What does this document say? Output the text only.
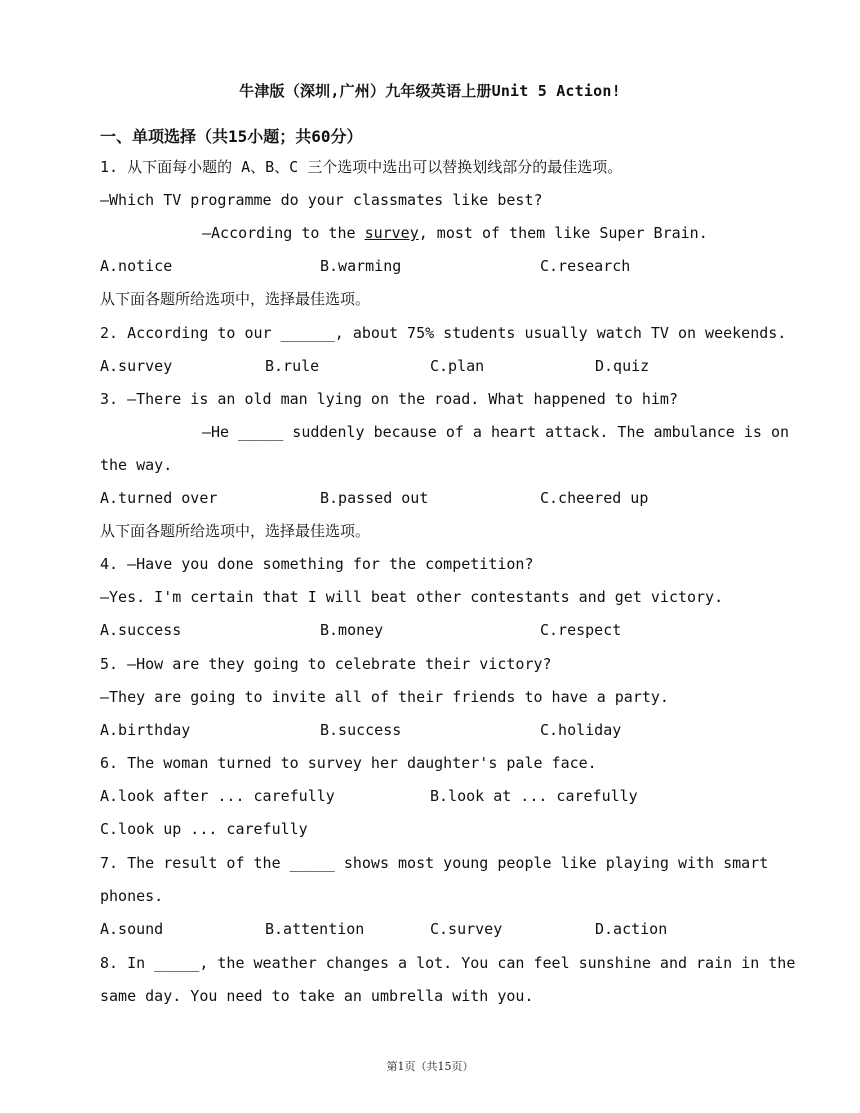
牛津版（深圳,广州）九年级英语上册Unit 5 Action!
一、单项选择（共15小题；共60分）
1. 从下面每小题的 A、B、C 三个选项中选出可以替换划线部分的最佳选项。
—Which TV programme do your classmates like best?
—According to the survey, most of them like Super Brain.
A.notice	B.warming	C.research
从下面各题所给选项中，选择最佳选项。
2. According to our ______, about 75% students usually watch TV on weekends.
A.survey	B.rule	C.plan	D.quiz
3. —There is an old man lying on the road. What happened to him?
—He _____ suddenly because of a heart attack. The ambulance is on
the way.
A.turned over	B.passed out	C.cheered up
从下面各题所给选项中，选择最佳选项。
4. —Have you done something for the competition?
—Yes. I'm certain that I will beat other contestants and get victory.
A.success	B.money	C.respect
5. —How are they going to celebrate their victory?
—They are going to invite all of their friends to have a party.
A.birthday	B.success	C.holiday
6. The woman turned to survey her daughter's pale face.
A.look after ... carefully	B.look at ... carefully
C.look up ... carefully
7. The result of the _____ shows most young people like playing with smart
phones.
A.sound	B.attention	C.survey	D.action
8. In _____, the weather changes a lot. You can feel sunshine and rain in the
same day. You need to take an umbrella with you.
第1页（共15页）
